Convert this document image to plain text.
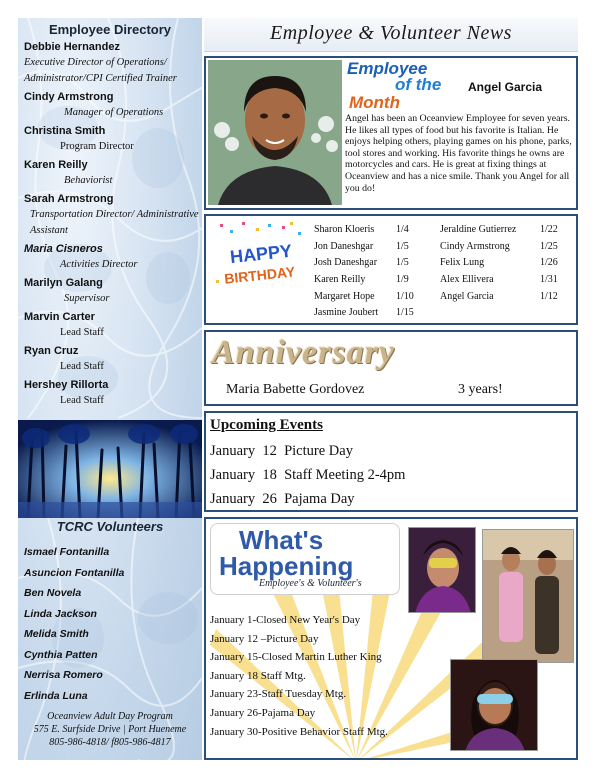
Employee Directory
Debbie Hernandez
Executive Director of Operations/ Administrator/CPI Certified Trainer
Cindy Armstrong
Manager of Operations
Christina Smith
Program Director
Karen Reilly
Behaviorist
Sarah Armstrong
Transportation Director/ Administrative Assistant
Maria Cisneros
Activities Director
Marilyn Galang
Supervisor
Marvin Carter
Lead Staff
Ryan Cruz
Lead Staff
Hershey Rillorta
Lead Staff
TCRC Volunteers
Ismael Fontanilla
Asuncion Fontanilla
Ben Novela
Linda Jackson
Melida Smith
Cynthia Patten
Nerrisa Romero
Erlinda Luna
Oceanview Adult Day Program
575 E. Surfside Drive | Port Hueneme
805-986-4818/ f805-986-4817
Employee & Volunteer News
Employee
of the
Month
Angel Garcia
Angel has been an Oceanview Employee for seven years. He likes all types of food but his favorite is Italian. He enjoys helping others, playing games on his phone, parks, tool stores and working. His favorite things he owns are motorcycles and cars. He is great at fixing things at Oceanview and has a nice smile. Thank you Angel for all you do!
HAPPY
BIRTHDAY
Sharon Kloeris 1/4	Jeraldine Gutierrez 1/22
Jon Daneshgar 1/5	Cindy Armstrong	1/25
Josh Daneshgar 1/5	Felix Lung	1/26
Karen Reilly	1/9	Alex Ellivera	1/31
Margaret Hope 1/10	Angel Garcia	1/12
Jasmine Joubert 1/15
Anniversary
Maria Babette Gordovez	3 years!
Upcoming Events
January  12  Picture Day
January  18  Staff Meeting 2-4pm
January  26  Pajama Day
What's
Happening
Employee's & Volunteer's
January 1-Closed New Year's Day
January 12 –Picture Day
January 15-Closed Martin Luther King
January 18 Staff Mtg.
January 23-Staff Tuesday Mtg.
January 26-Pajama Day
January 30-Positive Behavior Staff Mtg.
